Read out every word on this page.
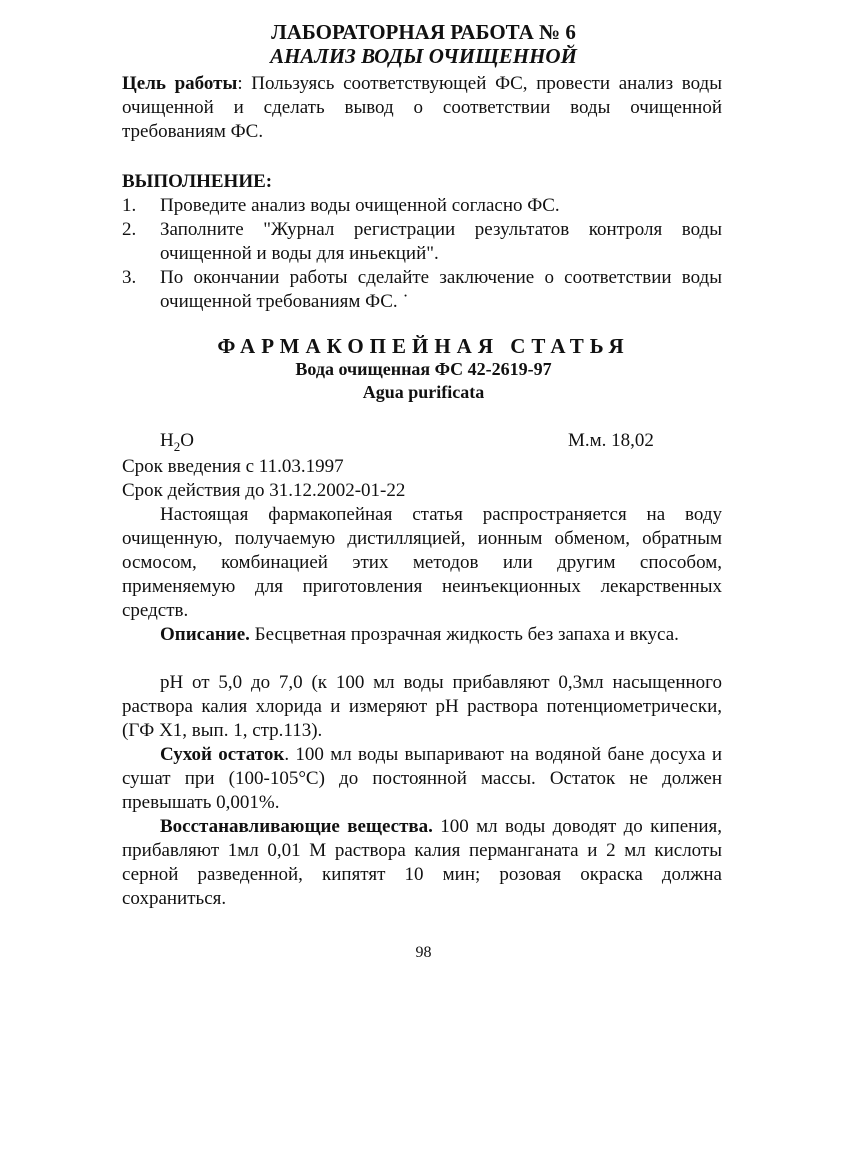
ЛАБОРАТОРНАЯ РАБОТА № 6
АНАЛИЗ ВОДЫ ОЧИЩЕННОЙ
Цель работы: Пользуясь соответствующей ФС, провести анализ воды очищенной и сделать вывод о соответствии воды очищенной требованиям ФС.
ВЫПОЛНЕНИЕ:
1. Проведите анализ воды очищенной согласно ФС.
2. Заполните "Журнал регистрации результатов контроля воды очищенной и воды для иньекций".
3. По окончании работы сделайте заключение о соответствии воды очищенной требованиям ФС. ˙
ФАРМАКОПЕЙНАЯ СТАТЬЯ
Вода очищенная ФС 42-2619-97
Agua purificata
$H_2O$	М.м. 18,02
Срок введения с 11.03.1997
Срок действия до 31.12.2002-01-22
Настоящая фармакопейная статья распространяется на воду очищенную, получаемую дистилляцией, ионным обменом, обратным осмосом, комбинацией этих методов или другим способом, применяемую для приготовления неинъекционных лекарственных средств.
Описание. Бесцветная прозрачная жидкость без запаха и вкуса.
pH от 5,0 до 7,0 (к 100 мл воды прибавляют 0,3мл насыщенного раствора калия хлорида и измеряют pH раствора потенциометрически, (ГФ X1, вып. 1, стр.113).
Сухой остаток. 100 мл воды выпаривают на водяной бане досуха и сушат при (100-105°С) до постоянной массы. Остаток не должен превышать 0,001%.
Восстанавливающие вещества. 100 мл воды доводят до кипения, прибавляют 1мл 0,01 М раствора калия перманганата и 2 мл кислоты серной разведенной, кипятят 10 мин; розовая окраска должна сохраниться.
98
